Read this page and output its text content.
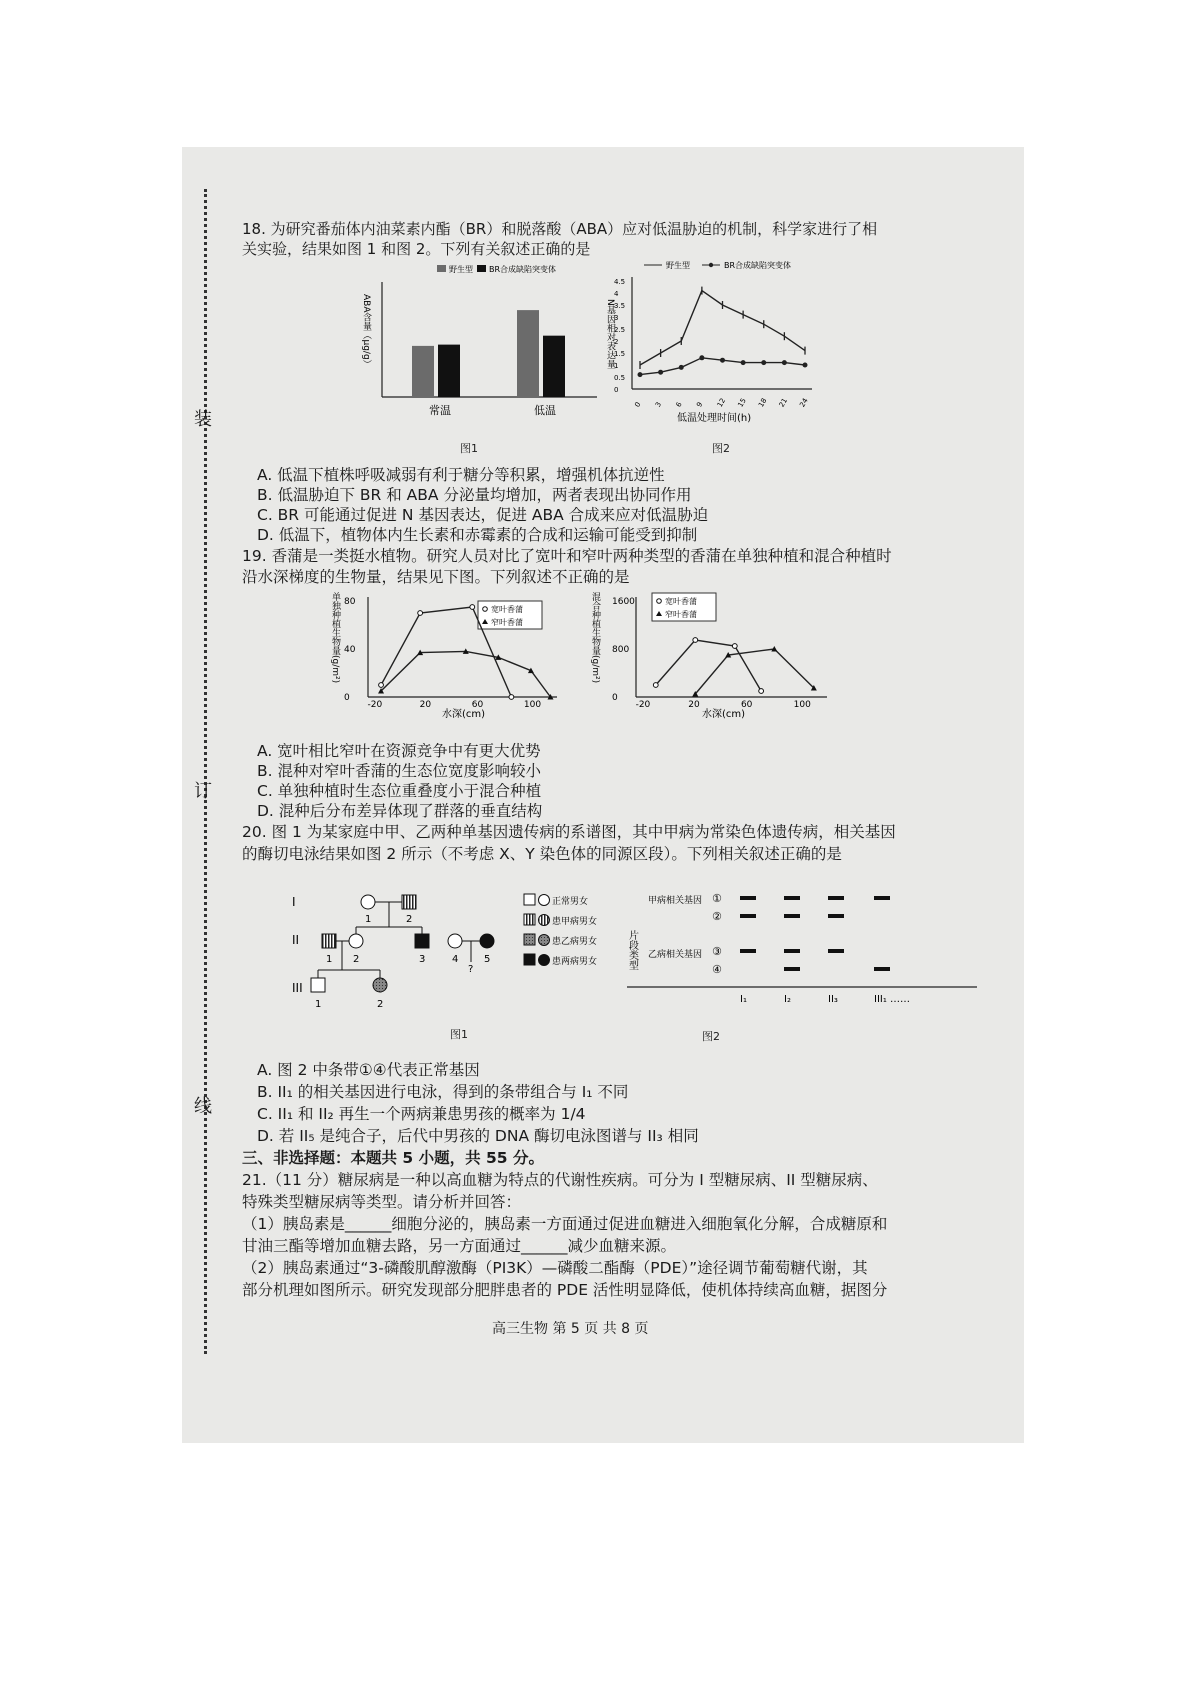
装
订
线
18. 为研究番茄体内油菜素内酯（BR）和脱落酸（ABA）应对低温胁迫的机制，科学家进行了相
关实验，结果如图 1 和图 2。下列有关叙述正确的是
野生型 BR合成缺陷突变体
ABA含量（μg/g）
常温	低温
图1
野生型	BR合成缺陷突变体
N基因相对表达量
0
0.5
1
1.5
2
2.5
3
3.5
4
4.5
0 3 6 9 12 15 18 21 24
低温处理时间(h)
图2
A. 低温下植株呼吸减弱有利于糖分等积累，增强机体抗逆性
B. 低温胁迫下 BR 和 ABA 分泌量均增加，两者表现出协同作用
C. BR 可能通过促进 N 基因表达，促进 ABA 合成来应对低温胁迫
D. 低温下，植物体内生长素和赤霉素的合成和运输可能受到抑制
19. 香蒲是一类挺水植物。研究人员对比了宽叶和窄叶两种类型的香蒲在单独种植和混合种植时
沿水深梯度的生物量，结果见下图。下列叙述不正确的是
单独种植生物量(g/m²)	宽叶香蒲
窄叶香蒲
0
40
80
-20	20	60	100
水深(cm)
混合种植生物量(g/m²)	宽叶香蒲
窄叶香蒲
0
800
1600
-20	20	60	100
水深(cm)
A. 宽叶相比窄叶在资源竞争中有更大优势
B. 混种对窄叶香蒲的生态位宽度影响较小
C. 单独种植时生态位重叠度小于混合种植
D. 混种后分布差异体现了群落的垂直结构
20. 图 1 为某家庭中甲、乙两种单基因遗传病的系谱图，其中甲病为常染色体遗传病，相关基因
的酶切电泳结果如图 2 所示（不考虑 X、Y 染色体的同源区段）。下列相关叙述正确的是
I
II
III
1	2
1 2	3	4	5
?
1	2
正常男女
患甲病男女
患乙病男女
患两病男女
图1
片段类型
甲病相关基因
乙病相关基因
①
②
③
④
I₁	I₂	II₃	III₁ ……
图2
A. 图 2 中条带①④代表正常基因
B. II₁ 的相关基因进行电泳，得到的条带组合与 I₁ 不同
C. II₁ 和 II₂ 再生一个两病兼患男孩的概率为 1/4
D. 若 II₅ 是纯合子，后代中男孩的 DNA 酶切电泳图谱与 II₃ 相同
三、非选择题：本题共 5 小题，共 55 分。
21.（11 分）糖尿病是一种以高血糖为特点的代谢性疾病。可分为 I 型糖尿病、II 型糖尿病、
特殊类型糖尿病等类型。请分析并回答：
（1）胰岛素是______细胞分泌的，胰岛素一方面通过促进血糖进入细胞氧化分解，合成糖原和
甘油三酯等增加血糖去路，另一方面通过______减少血糖来源。
（2）胰岛素通过“3-磷酸肌醇激酶（PI3K）—磷酸二酯酶（PDE）”途径调节葡萄糖代谢，其
部分机理如图所示。研究发现部分肥胖患者的 PDE 活性明显降低，使机体持续高血糖，据图分
高三生物 第 5 页 共 8 页
